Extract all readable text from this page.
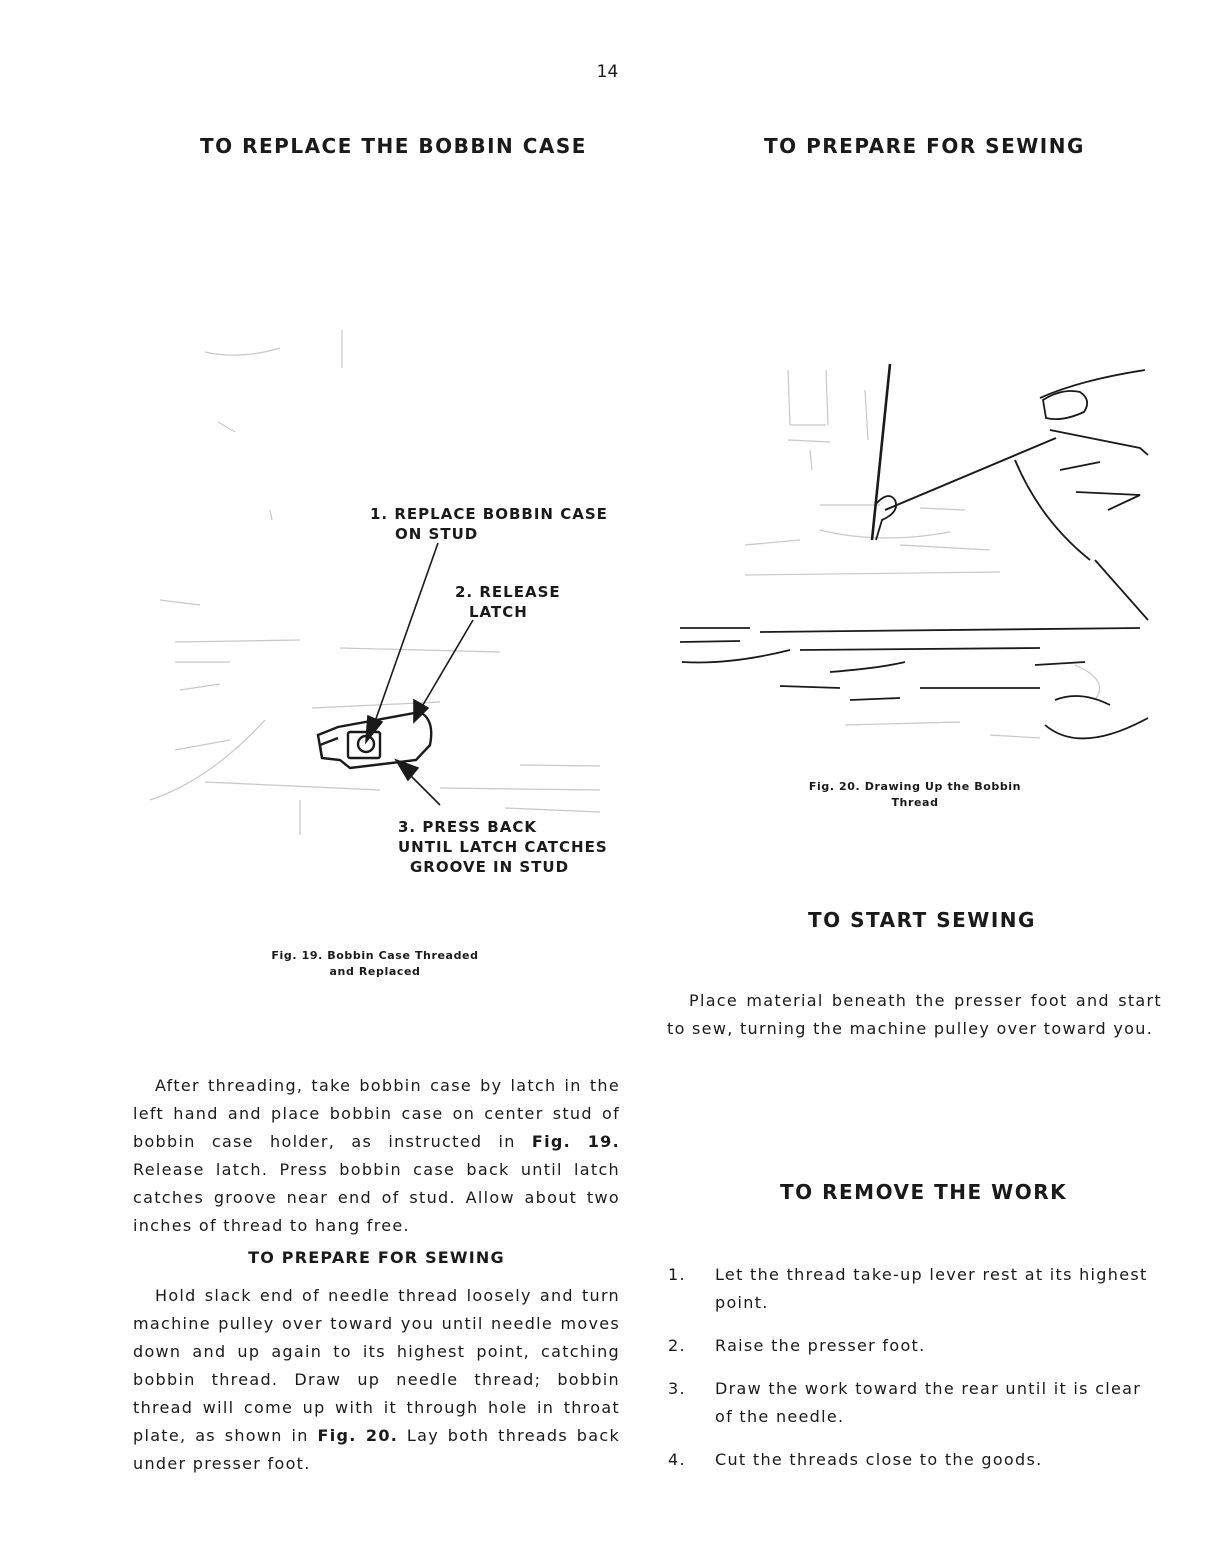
14
TO REPLACE THE BOBBIN CASE	TO PREPARE FOR SEWING
1. REPLACE BOBBIN CASE
ON STUD
2. RELEASE
LATCH
3. PRESS BACK
UNTIL LATCH CATCHES
GROOVE IN STUD
Fig. 19. Bobbin Case Threaded
and Replaced
Fig. 20. Drawing Up the Bobbin
Thread
TO START SEWING
Place material beneath the presser foot and start to sew, turning the machine pulley over toward you.
After threading, take bobbin case by latch in the left hand and place bobbin case on center stud of bobbin case holder, as instructed in Fig. 19. Release latch. Press bobbin case back until latch catches groove near end of stud. Allow about two inches of thread to hang free.
TO PREPARE FOR SEWING
Hold slack end of needle thread loosely and turn machine pulley over toward you until needle moves down and up again to its highest point, catching bobbin thread. Draw up needle thread; bobbin thread will come up with it through hole in throat plate, as shown in Fig. 20. Lay both threads back under presser foot.
TO REMOVE THE WORK
1. Let the thread take-up lever rest at its highest point.
2. Raise the presser foot.
3. Draw the work toward the rear until it is clear of the needle.
4. Cut the threads close to the goods.
